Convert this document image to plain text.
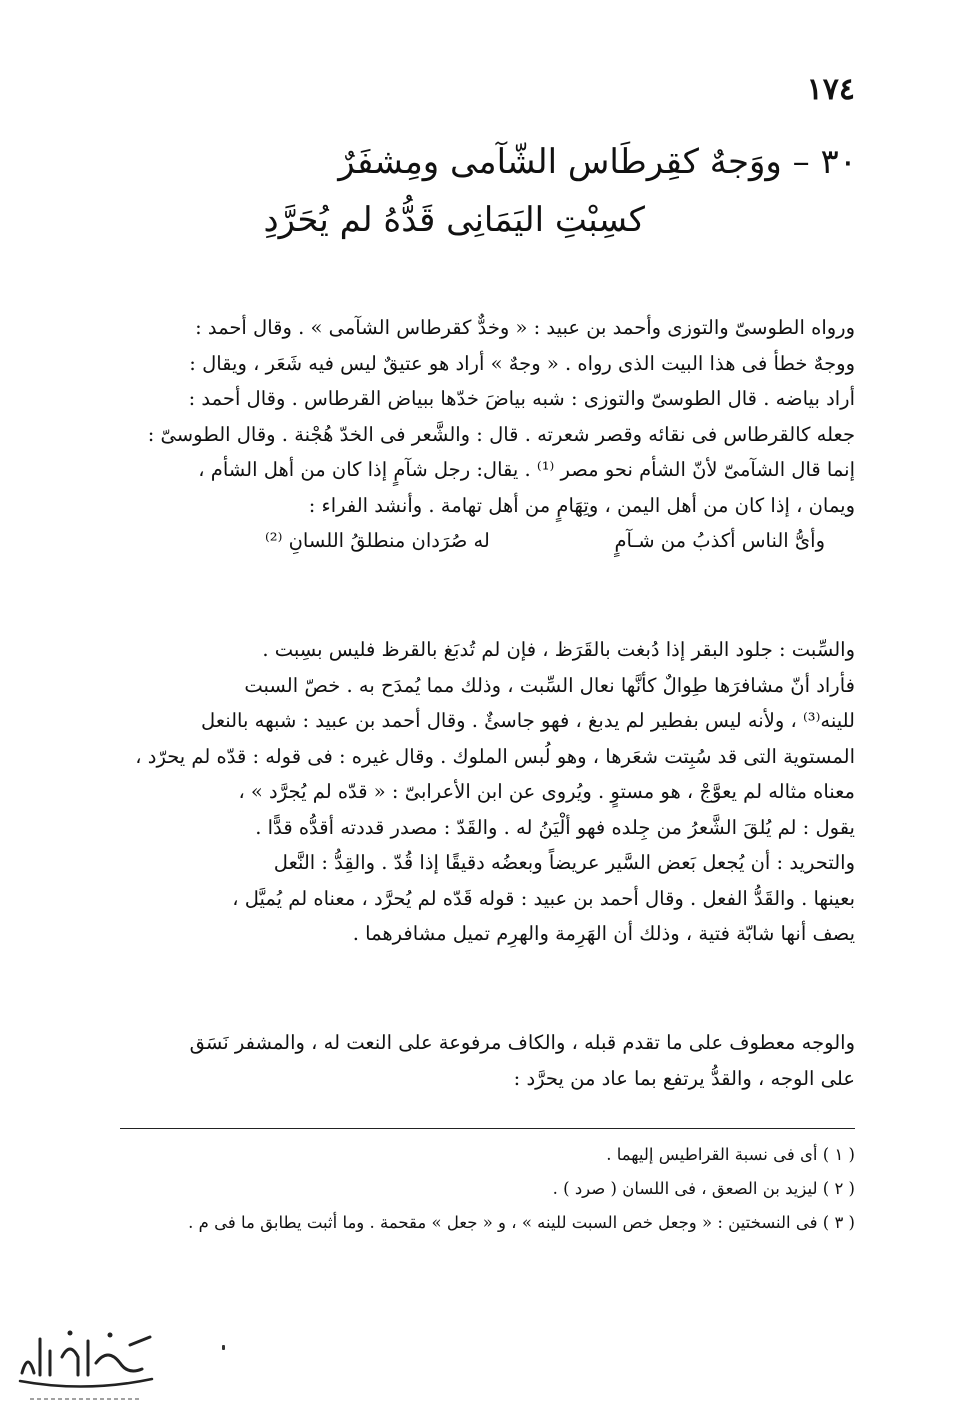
١٧٤
٣٠ – ووَجهٌ كقِرطَاس الشّآمى ومِشفَرٌ
كسِبْتِ اليَمَانِى قَدُّهُ لم يُحَرَّدِ
ورواه الطوسىّ والتوزى وأحمد بن عبيد : « وخدٌّ كقرطاس الشآمى » . وقال أحمد :
ووجهٌ خطأ فى هذا البيت الذى رواه . « وجهٌ » أراد هو عتيقٌ ليس فيه شَعَر ، ويقال :
أراد بياضه . قال الطوسىّ والتوزى : شبه بياضَ خدّها ببياض القرطاس . وقال أحمد :
جعله كالقرطاس فى نقائه وقصر شعرته . قال : والشَّعر فى الخدّ هُجْنة . وقال الطوسىّ :
إنما قال الشآمىّ لأنّ الشأم نحو مصر ⁽¹⁾ . يقال: رجل شآمٍ إذا كان من أهل الشأم ،
ويمان ، إذا كان من أهل اليمن ، وتِهَامٍ من أهل تهامة . وأنشد الفراء :
وأىُّ الناس أكذبُ من شـآمٍ
له صُرَدان منطلقُ اللسانِ ⁽²⁾
والسِّبت : جلود البقر إذا دُبغت بالقَرَظ ، فإن لم تُدبَغ بالقرظ فليس بسِبت .
فأراد أنّ مشافرَها طِوالٌ كأنَّها نعال السِّبت ، وذلك مما يُمدَح به . خصّ السبت
للينه⁽³⁾ ، ولأنه ليس بفطير لم يدبغ ، فهو جاسئٌ . وقال أحمد بن عبيد : شبهه بالنعل
المستوية التى قد سُبِتت شعَرها ، وهو لُبس الملوك . وقال غيره : فى قوله : قدّه لم يحرّد ،
معناه مثاله لم يعوَّجْ ، هو مستوٍ . ويُروى عن ابن الأعرابىّ : « قدّه لم يُجرَّد » ،
يقول : لم يُلقَ الشَّعرُ من جِلده فهو ألْيَنُ له . والقَدّ : مصدر قددته أقدُّه قدًّا .
والتحريد : أن يُجعل بَعض السَّير عريضاً وبعضُه دقيقًا إذا قُدّ . والقِدُّ : النَّعل
بعينها . والقَدُّ الفعل . وقال أحمد بن عبيد : قوله قَدّه لم يُحرَّد ، معناه لم يُميَّل ،
يصف أنها شابّة فتية ، وذلك أن الهَرِمة والهرِم تميل مشافرهما .
والوجه معطوف على ما تقدم قبله ، والكاف مرفوعة على النعت له ، والمشفر نَسَق
على الوجه ، والقدُّ يرتفع بما عاد من يحرَّد :
( ١ ) أى فى نسبة القراطيس إليهما .
( ٢ ) ليزيد بن الصعق ، فى اللسان ( صرد ) .
( ٣ ) فى النسختين : « وجعل خص السبت للينه » ، و « جعل » مقحمة . وما أثبت يطابق ما فى م .
